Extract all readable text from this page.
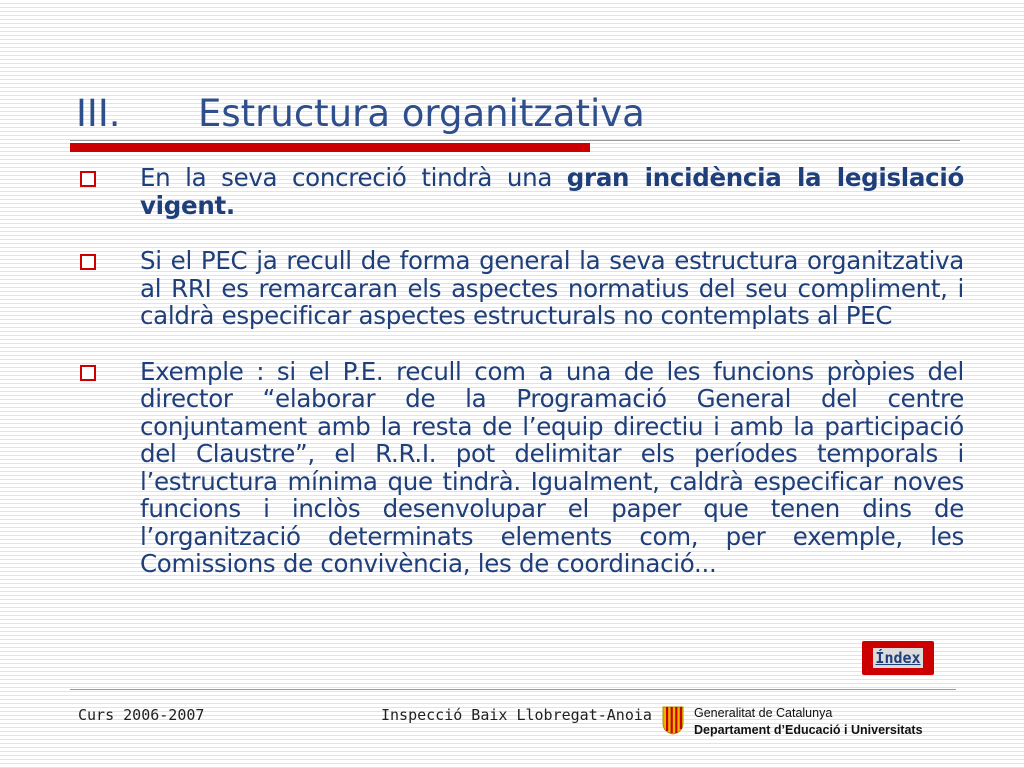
III. Estructura organitzativa
En la seva concreció tindrà una gran incidència la legislació vigent.
Si el PEC ja recull de forma general la seva estructura organitzativa al RRI es remarcaran els aspectes normatius del seu compliment, i caldrà especificar aspectes estructurals no contemplats al PEC
Exemple : si el P.E. recull com a una de les funcions pròpies del director “elaborar de la Programació General del centre conjuntament amb la resta de l’equip directiu i amb la participació del Claustre”, el R.R.I. pot delimitar els períodes temporals i l’estructura mínima que tindrà. Igualment, caldrà especificar noves funcions i inclòs desenvolupar el paper que tenen dins de l’organització determinats elements com, per exemple, les Comissions de convivència, les de coordinació...
Índex
Curs 2006-2007	Inspecció Baix Llobregat-Anoia	Generalitat de Catalunya
Departament d’Educació i Universitats
